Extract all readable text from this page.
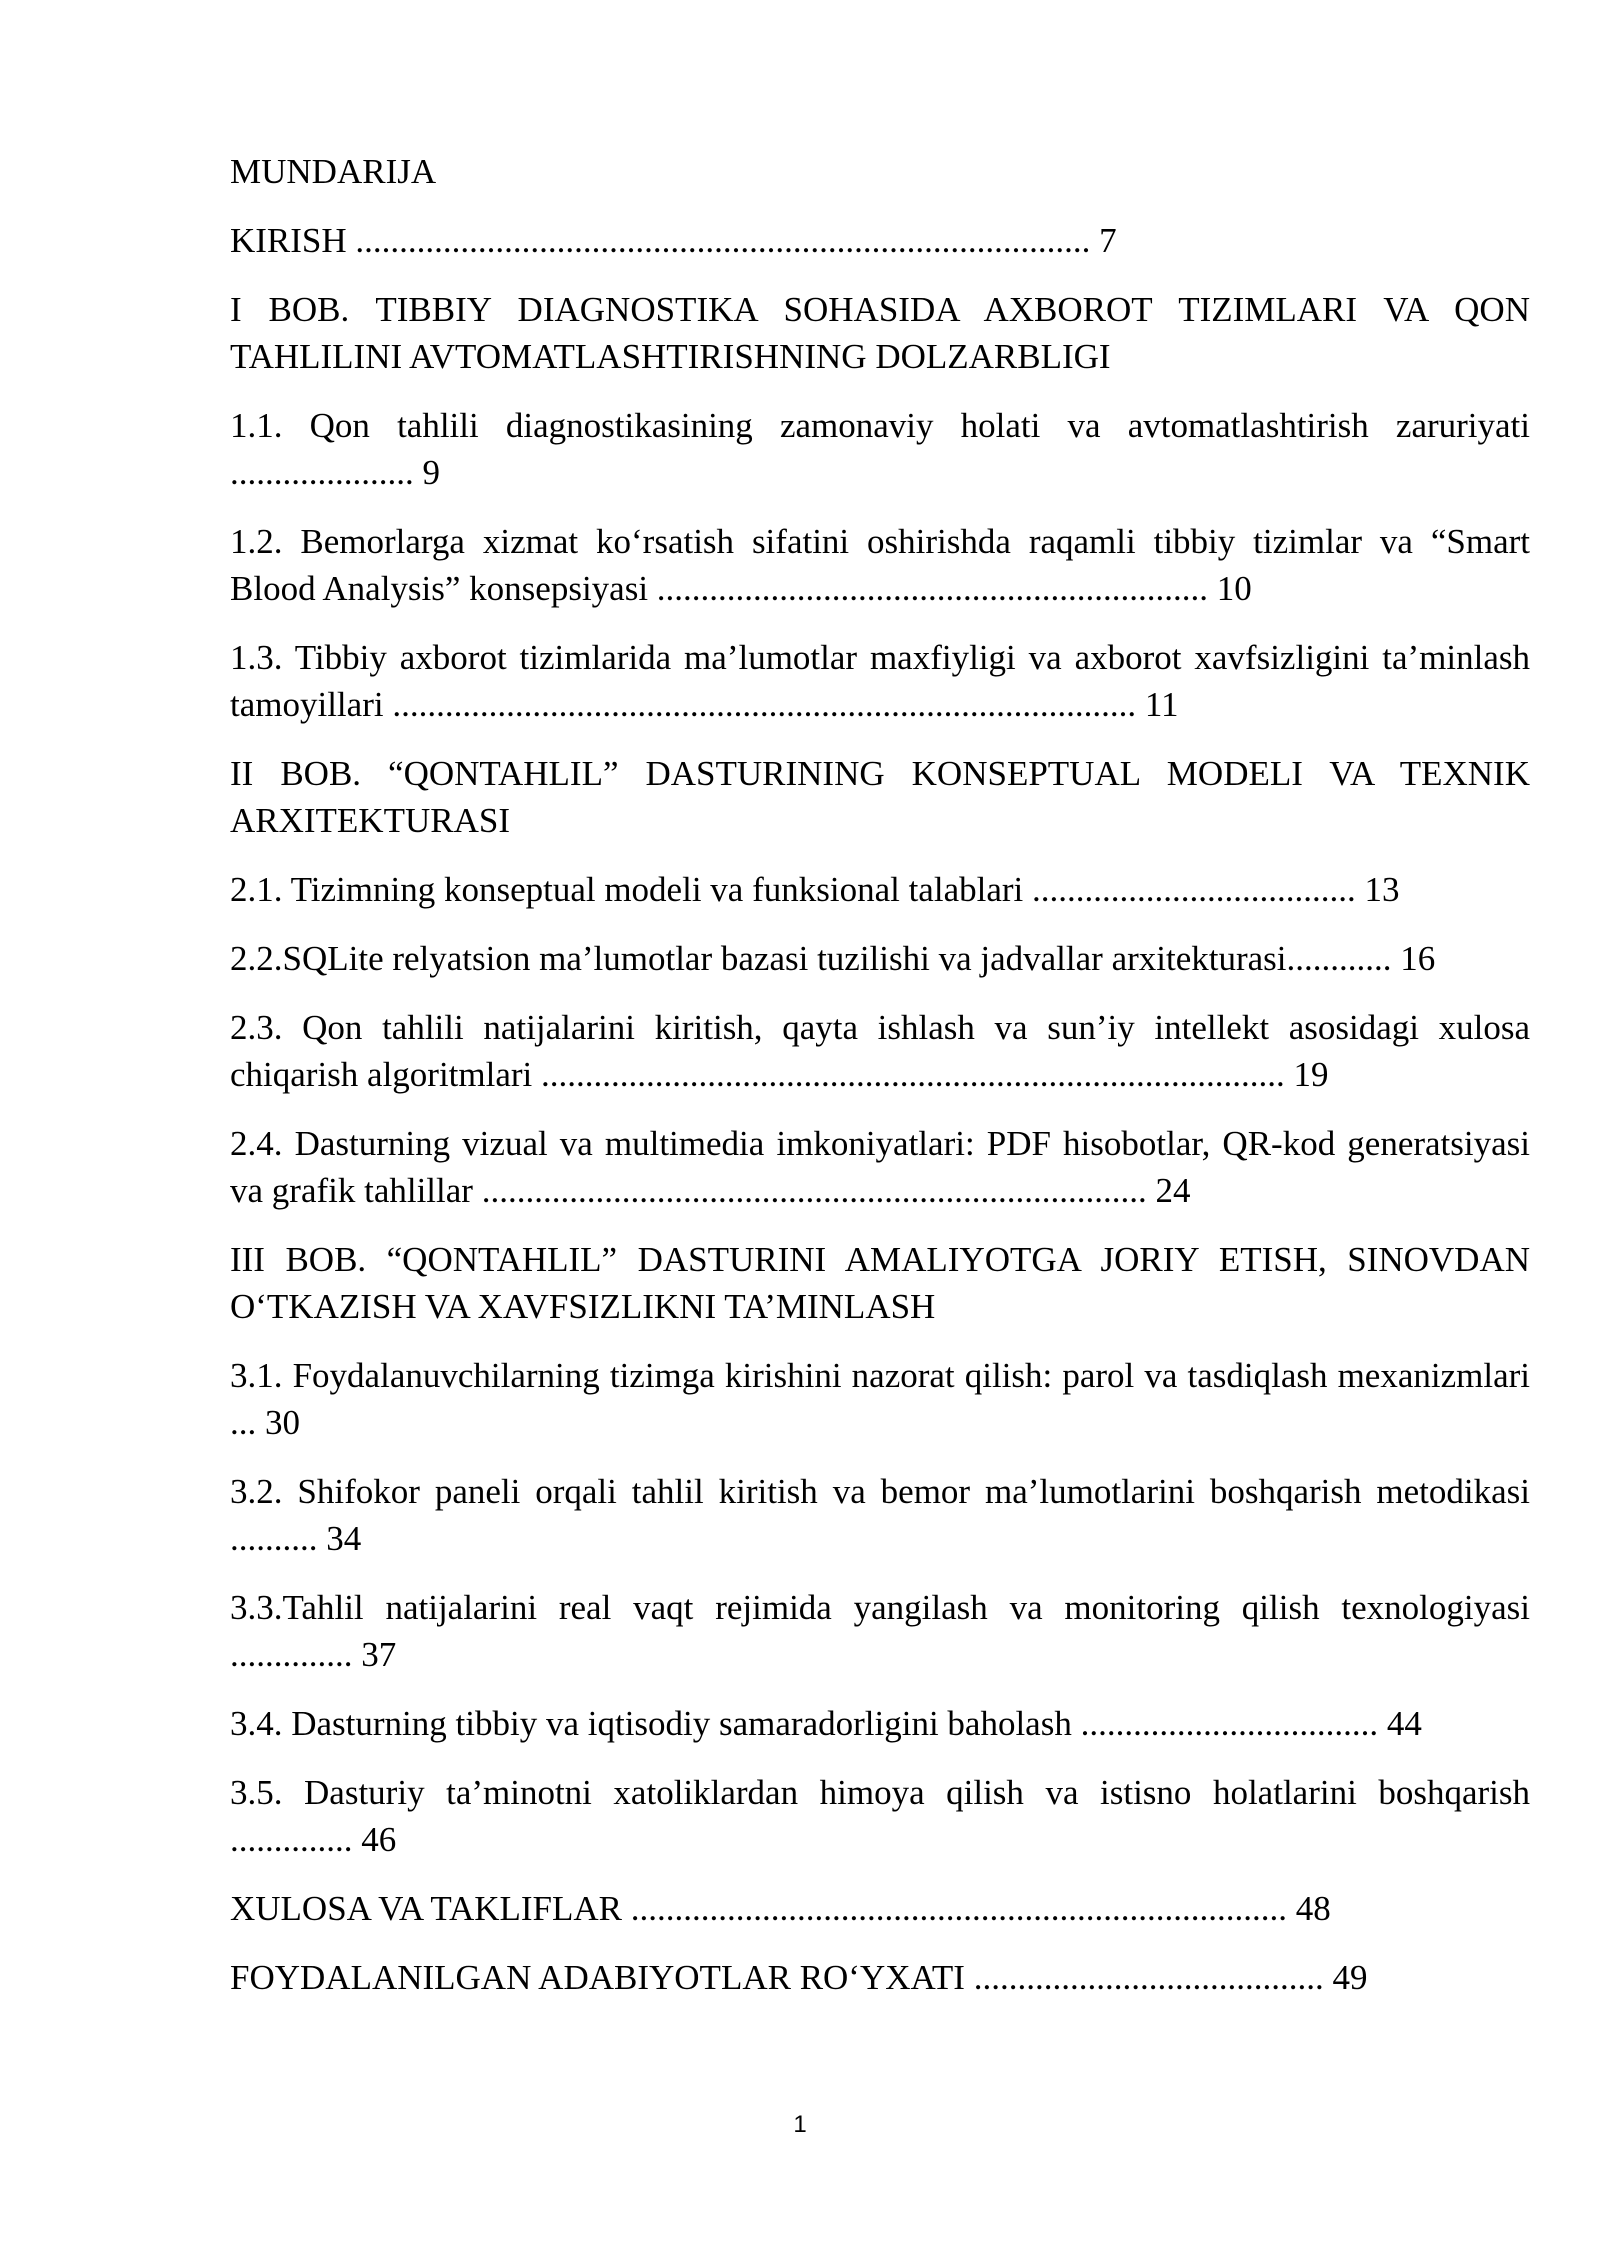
MUNDARIJA

KIRISH .................................................................................... 7

I BOB. TIBBIY DIAGNOSTIKA SOHASIDA AXBOROT TIZIMLARI VA QON TAHLILINI AVTOMATLASHTIRISHNING DOLZARBLIGI

1.1. Qon tahlili diagnostikasining zamonaviy holati va avtomatlashtirish zaruriyati ..................... 9

1.2. Bemorlarga xizmat ko‘rsatish sifatini oshirishda raqamli tibbiy tizimlar va “Smart Blood Analysis” konsepsiyasi ............................................................... 10

1.3. Tibbiy axborot tizimlarida ma’lumotlar maxfiyligi va axborot xavfsizligini ta’minlash tamoyillari ..................................................................................... 11

II BOB. “QONTAHLIL” DASTURINING KONSEPTUAL MODELI VA TEXNIK ARXITEKTURASI

2.1. Tizimning konseptual modeli va funksional talablari ..................................... 13

2.2.SQLite relyatsion ma’lumotlar bazasi tuzilishi va jadvallar arxitekturasi............ 16

2.3. Qon tahlili natijalarini kiritish, qayta ishlash va sun’iy intellekt asosidagi xulosa chiqarish algoritmlari ..................................................................................... 19

2.4. Dasturning vizual va multimedia imkoniyatlari: PDF hisobotlar, QR-kod generatsiyasi va grafik tahlillar ............................................................................ 24

III BOB. “QONTAHLIL” DASTURINI AMALIYOTGA JORIY ETISH, SINOVDAN O‘TKAZISH VA XAVFSIZLIKNI TA’MINLASH

3.1. Foydalanuvchilarning tizimga kirishini nazorat qilish: parol va tasdiqlash mexanizmlari ... 30

3.2. Shifokor paneli orqali tahlil kiritish va bemor ma’lumotlarini boshqarish metodikasi .......... 34

3.3.Tahlil natijalarini real vaqt rejimida yangilash va monitoring qilish texnologiyasi .............. 37

3.4. Dasturning tibbiy va iqtisodiy samaradorligini baholash .................................. 44

3.5. Dasturiy ta’minotni xatoliklardan himoya qilish va istisno holatlarini boshqarish .............. 46

XULOSA VA TAKLIFLAR ........................................................................... 48

FOYDALANILGAN ADABIYOTLAR RO‘YXATI ........................................ 49

1
